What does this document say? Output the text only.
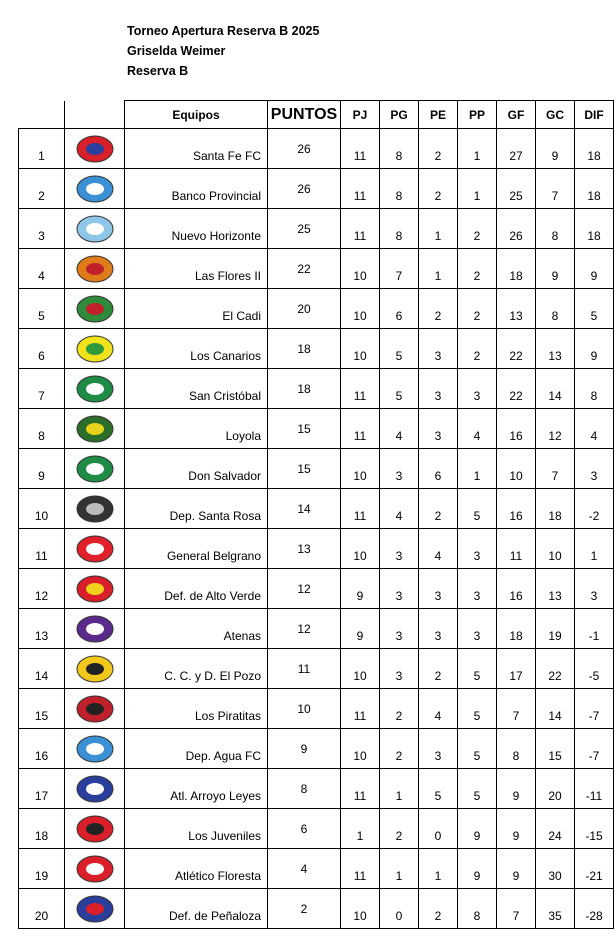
Torneo Apertura Reserva B 2025
Griselda Weimer
Reserva B
		Equipos	PUNTOS	PJ	PG	PE	PP	GF	GC	DIF
1		Santa Fe FC	26	11	8	2	1	27	9	18
2		Banco Provincial	26	11	8	2	1	25	7	18
3		Nuevo Horizonte	25	11	8	1	2	26	8	18
4		Las Flores II	22	10	7	1	2	18	9	9
5		El Cadi	20	10	6	2	2	13	8	5
6		Los Canarios	18	10	5	3	2	22	13	9
7		San Cristóbal	18	11	5	3	3	22	14	8
8		Loyola	15	11	4	3	4	16	12	4
9		Don Salvador	15	10	3	6	1	10	7	3
10		Dep. Santa Rosa	14	11	4	2	5	16	18	-2
11		General Belgrano	13	10	3	4	3	11	10	1
12		Def. de Alto Verde	12	9	3	3	3	16	13	3
13		Atenas	12	9	3	3	3	18	19	-1
14		C. C. y D. El Pozo	11	10	3	2	5	17	22	-5
15		Los Piratitas	10	11	2	4	5	7	14	-7
16		Dep. Agua FC	9	10	2	3	5	8	15	-7
17		Atl. Arroyo Leyes	8	11	1	5	5	9	20	-11
18		Los Juveniles	6	1	2	0	9	9	24	-15
19		Atlético Floresta	4	11	1	1	9	9	30	-21
20		Def. de Peñaloza	2	10	0	2	8	7	35	-28
